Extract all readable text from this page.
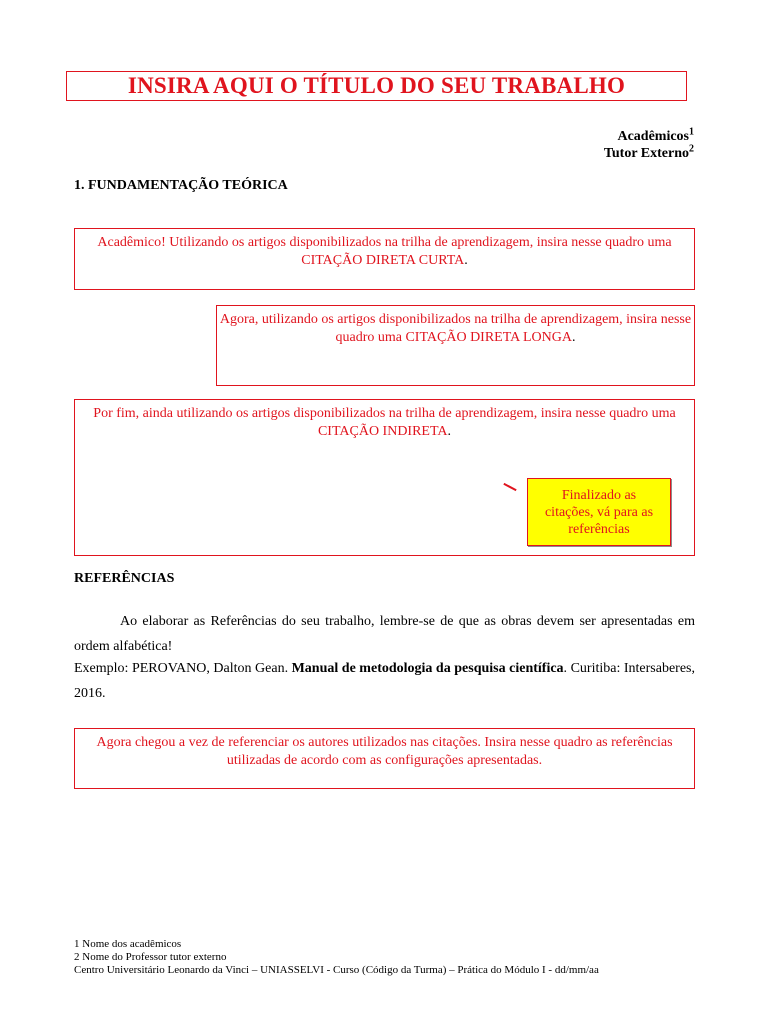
INSIRA AQUI O TÍTULO DO SEU TRABALHO
Acadêmicos$^1$
Tutor Externo$^2$
1. FUNDAMENTAÇÃO TEÓRICA
Acadêmico! Utilizando os artigos disponibilizados na trilha de aprendizagem, insira nesse quadro uma CITAÇÃO DIRETA CURTA.
Agora, utilizando os artigos disponibilizados na trilha de aprendizagem, insira nesse quadro uma CITAÇÃO DIRETA LONGA.
Por fim, ainda utilizando os artigos disponibilizados na trilha de aprendizagem, insira nesse quadro uma CITAÇÃO INDIRETA.
Finalizado as citações, vá para as referências
REFERÊNCIAS
Ao elaborar as Referências do seu trabalho, lembre-se de que as obras devem ser apresentadas em ordem alfabética!
Exemplo: PEROVANO, Dalton Gean. Manual de metodologia da pesquisa científica. Curitiba: Intersaberes, 2016.
Agora chegou a vez de referenciar os autores utilizados nas citações. Insira nesse quadro as referências utilizadas de acordo com as configurações apresentadas.
1 Nome dos acadêmicos
2 Nome do Professor tutor externo
Centro Universitário Leonardo da Vinci – UNIASSELVI - Curso (Código da Turma) – Prática do Módulo I - dd/mm/aa
